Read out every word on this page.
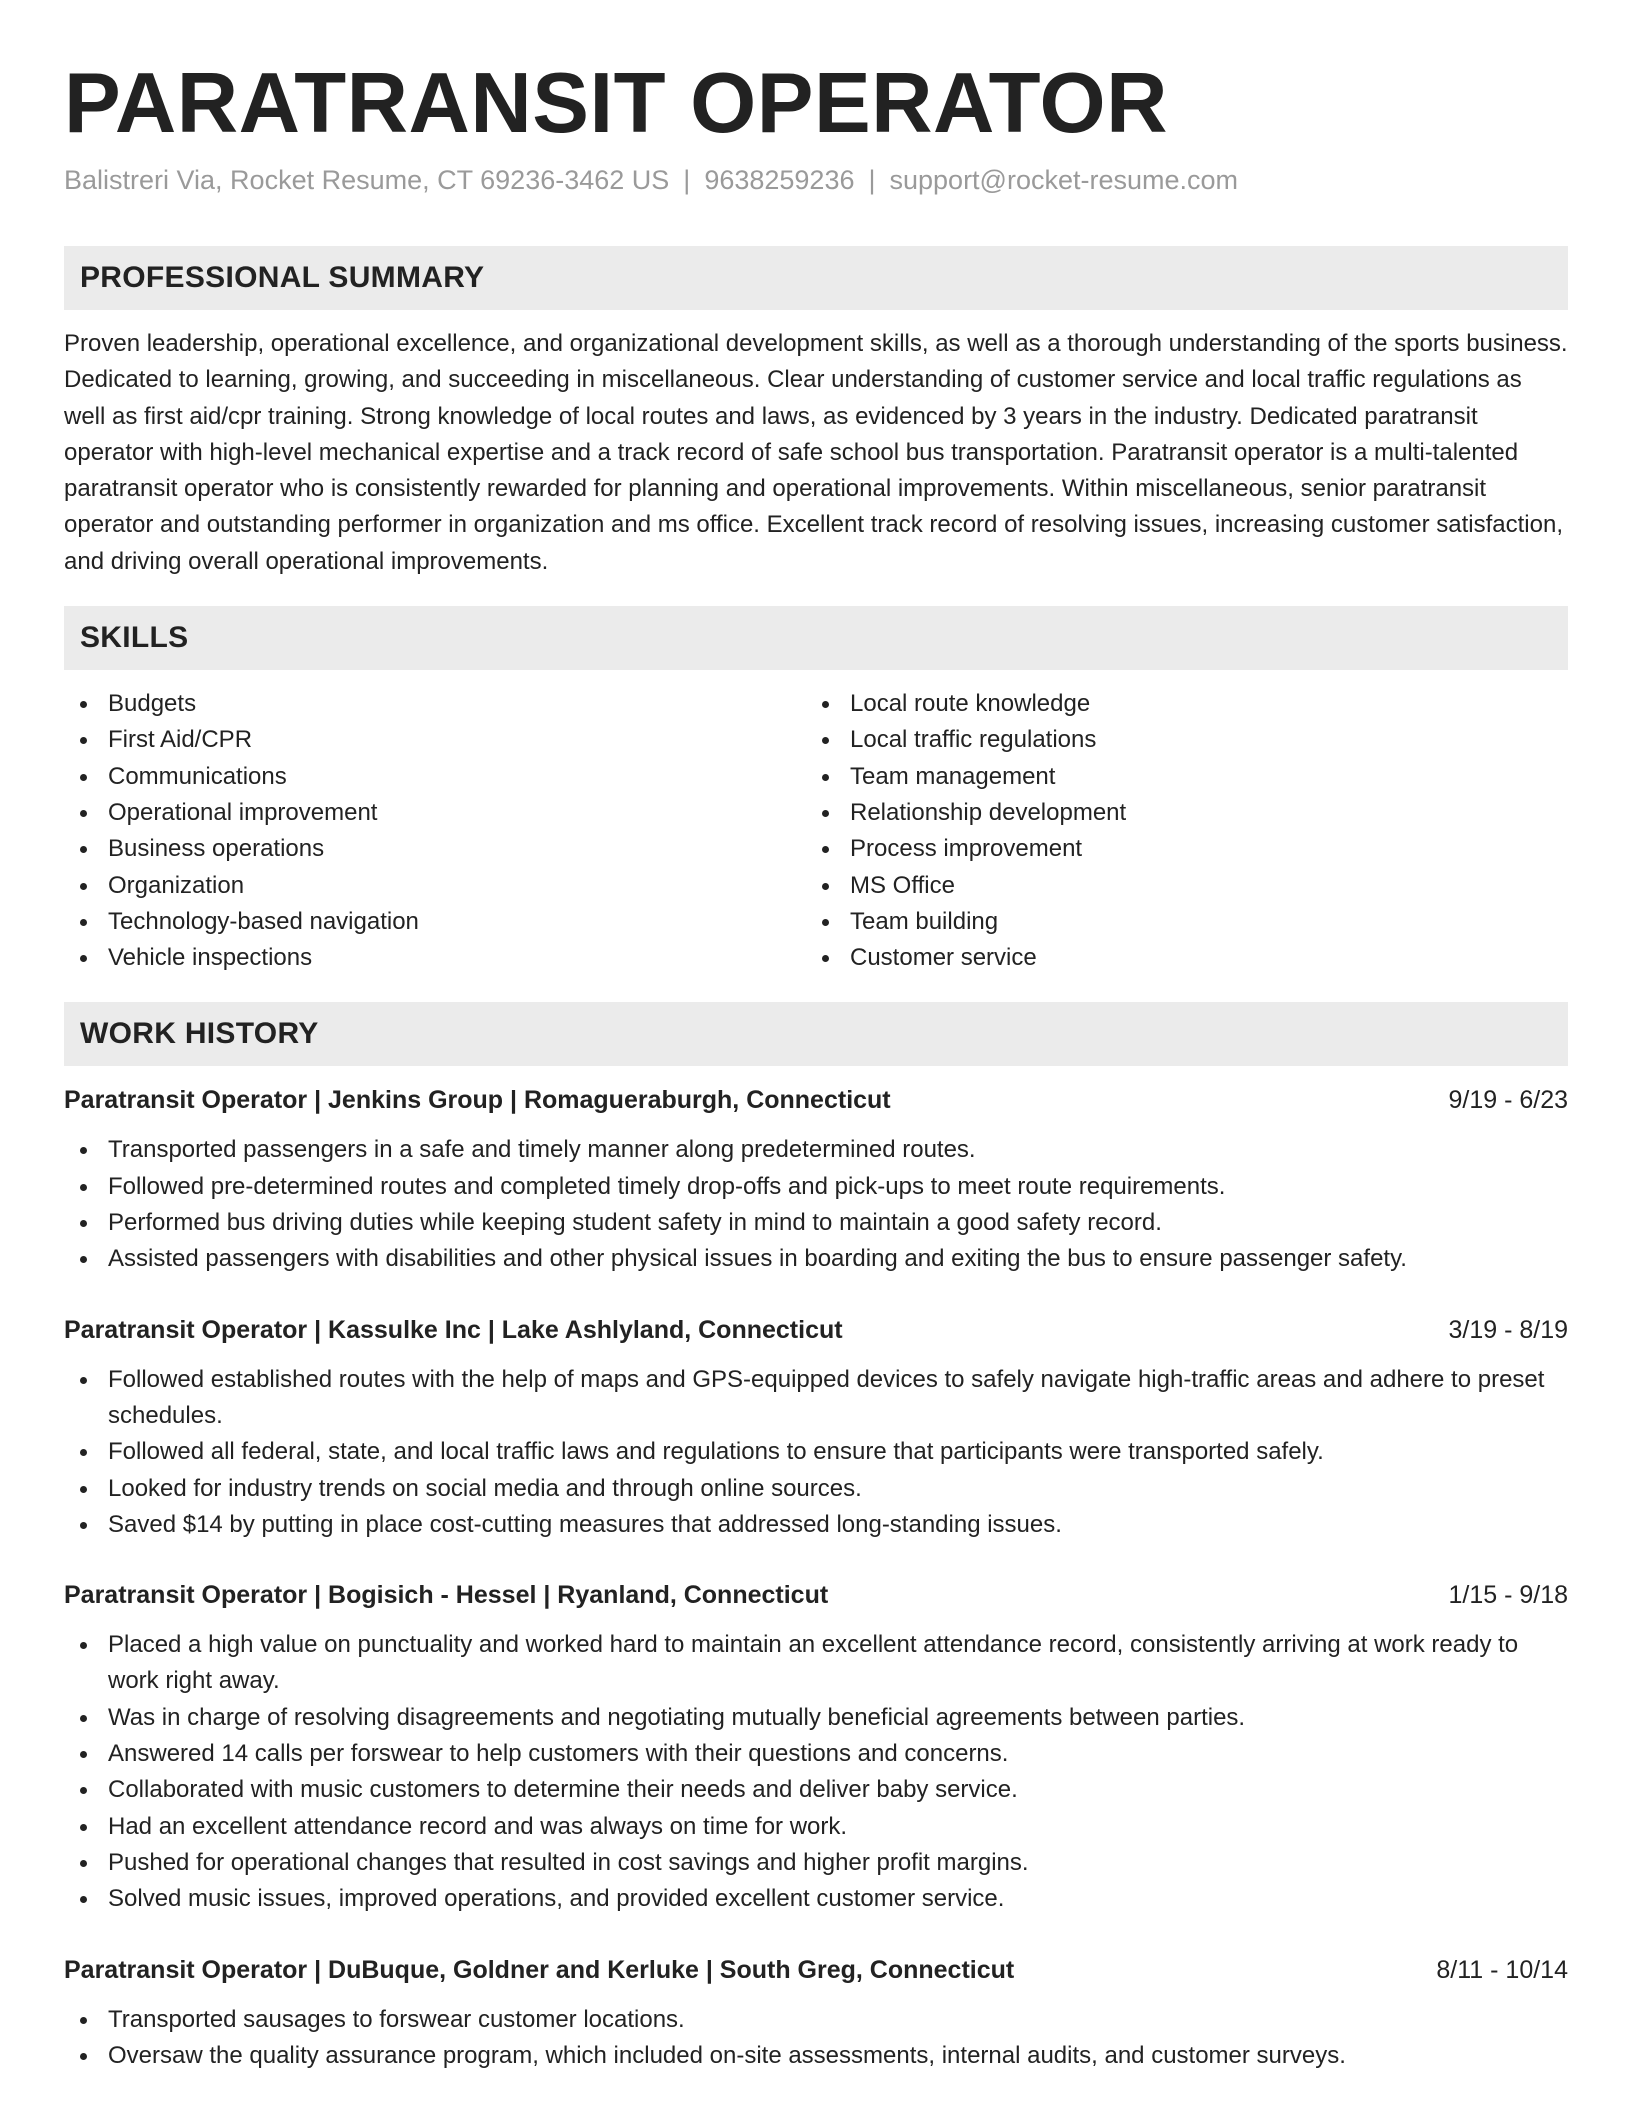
PARATRANSIT OPERATOR
Balistreri Via, Rocket Resume, CT 69236-3462 US | 9638259236 | support@rocket-resume.com
PROFESSIONAL SUMMARY

Proven leadership, operational excellence, and organizational development skills, as well as a thorough understanding of the sports business. Dedicated to learning, growing, and succeeding in miscellaneous. Clear understanding of customer service and local traffic regulations as well as first aid/cpr training. Strong knowledge of local routes and laws, as evidenced by 3 years in the industry. Dedicated paratransit operator with high-level mechanical expertise and a track record of safe school bus transportation. Paratransit operator is a multi-talented paratransit operator who is consistently rewarded for planning and operational improvements. Within miscellaneous, senior paratransit operator and outstanding performer in organization and ms office. Excellent track record of resolving issues, increasing customer satisfaction, and driving overall operational improvements.

SKILLS
Budgets
First Aid/CPR
Communications
Operational improvement
Business operations
Organization
Technology-based navigation
Vehicle inspections
Local route knowledge
Local traffic regulations
Team management
Relationship development
Process improvement
MS Office
Team building
Customer service
WORK HISTORY
Paratransit Operator | Jenkins Group | Romagueraburgh, Connecticut	9/19 - 6/23
Transported passengers in a safe and timely manner along predetermined routes.
Followed pre-determined routes and completed timely drop-offs and pick-ups to meet route requirements.
Performed bus driving duties while keeping student safety in mind to maintain a good safety record.
Assisted passengers with disabilities and other physical issues in boarding and exiting the bus to ensure passenger safety.
Paratransit Operator | Kassulke Inc | Lake Ashlyland, Connecticut	3/19 - 8/19
Followed established routes with the help of maps and GPS-equipped devices to safely navigate high-traffic areas and adhere to preset schedules.
Followed all federal, state, and local traffic laws and regulations to ensure that participants were transported safely.
Looked for industry trends on social media and through online sources.
Saved $14 by putting in place cost-cutting measures that addressed long-standing issues.
Paratransit Operator | Bogisich - Hessel | Ryanland, Connecticut	1/15 - 9/18
Placed a high value on punctuality and worked hard to maintain an excellent attendance record, consistently arriving at work ready to work right away.
Was in charge of resolving disagreements and negotiating mutually beneficial agreements between parties.
Answered 14 calls per forswear to help customers with their questions and concerns.
Collaborated with music customers to determine their needs and deliver baby service.
Had an excellent attendance record and was always on time for work.
Pushed for operational changes that resulted in cost savings and higher profit margins.
Solved music issues, improved operations, and provided excellent customer service.
Paratransit Operator | DuBuque, Goldner and Kerluke | South Greg, Connecticut	8/11 - 10/14
Transported sausages to forswear customer locations.
Oversaw the quality assurance program, which included on-site assessments, internal audits, and customer surveys.
